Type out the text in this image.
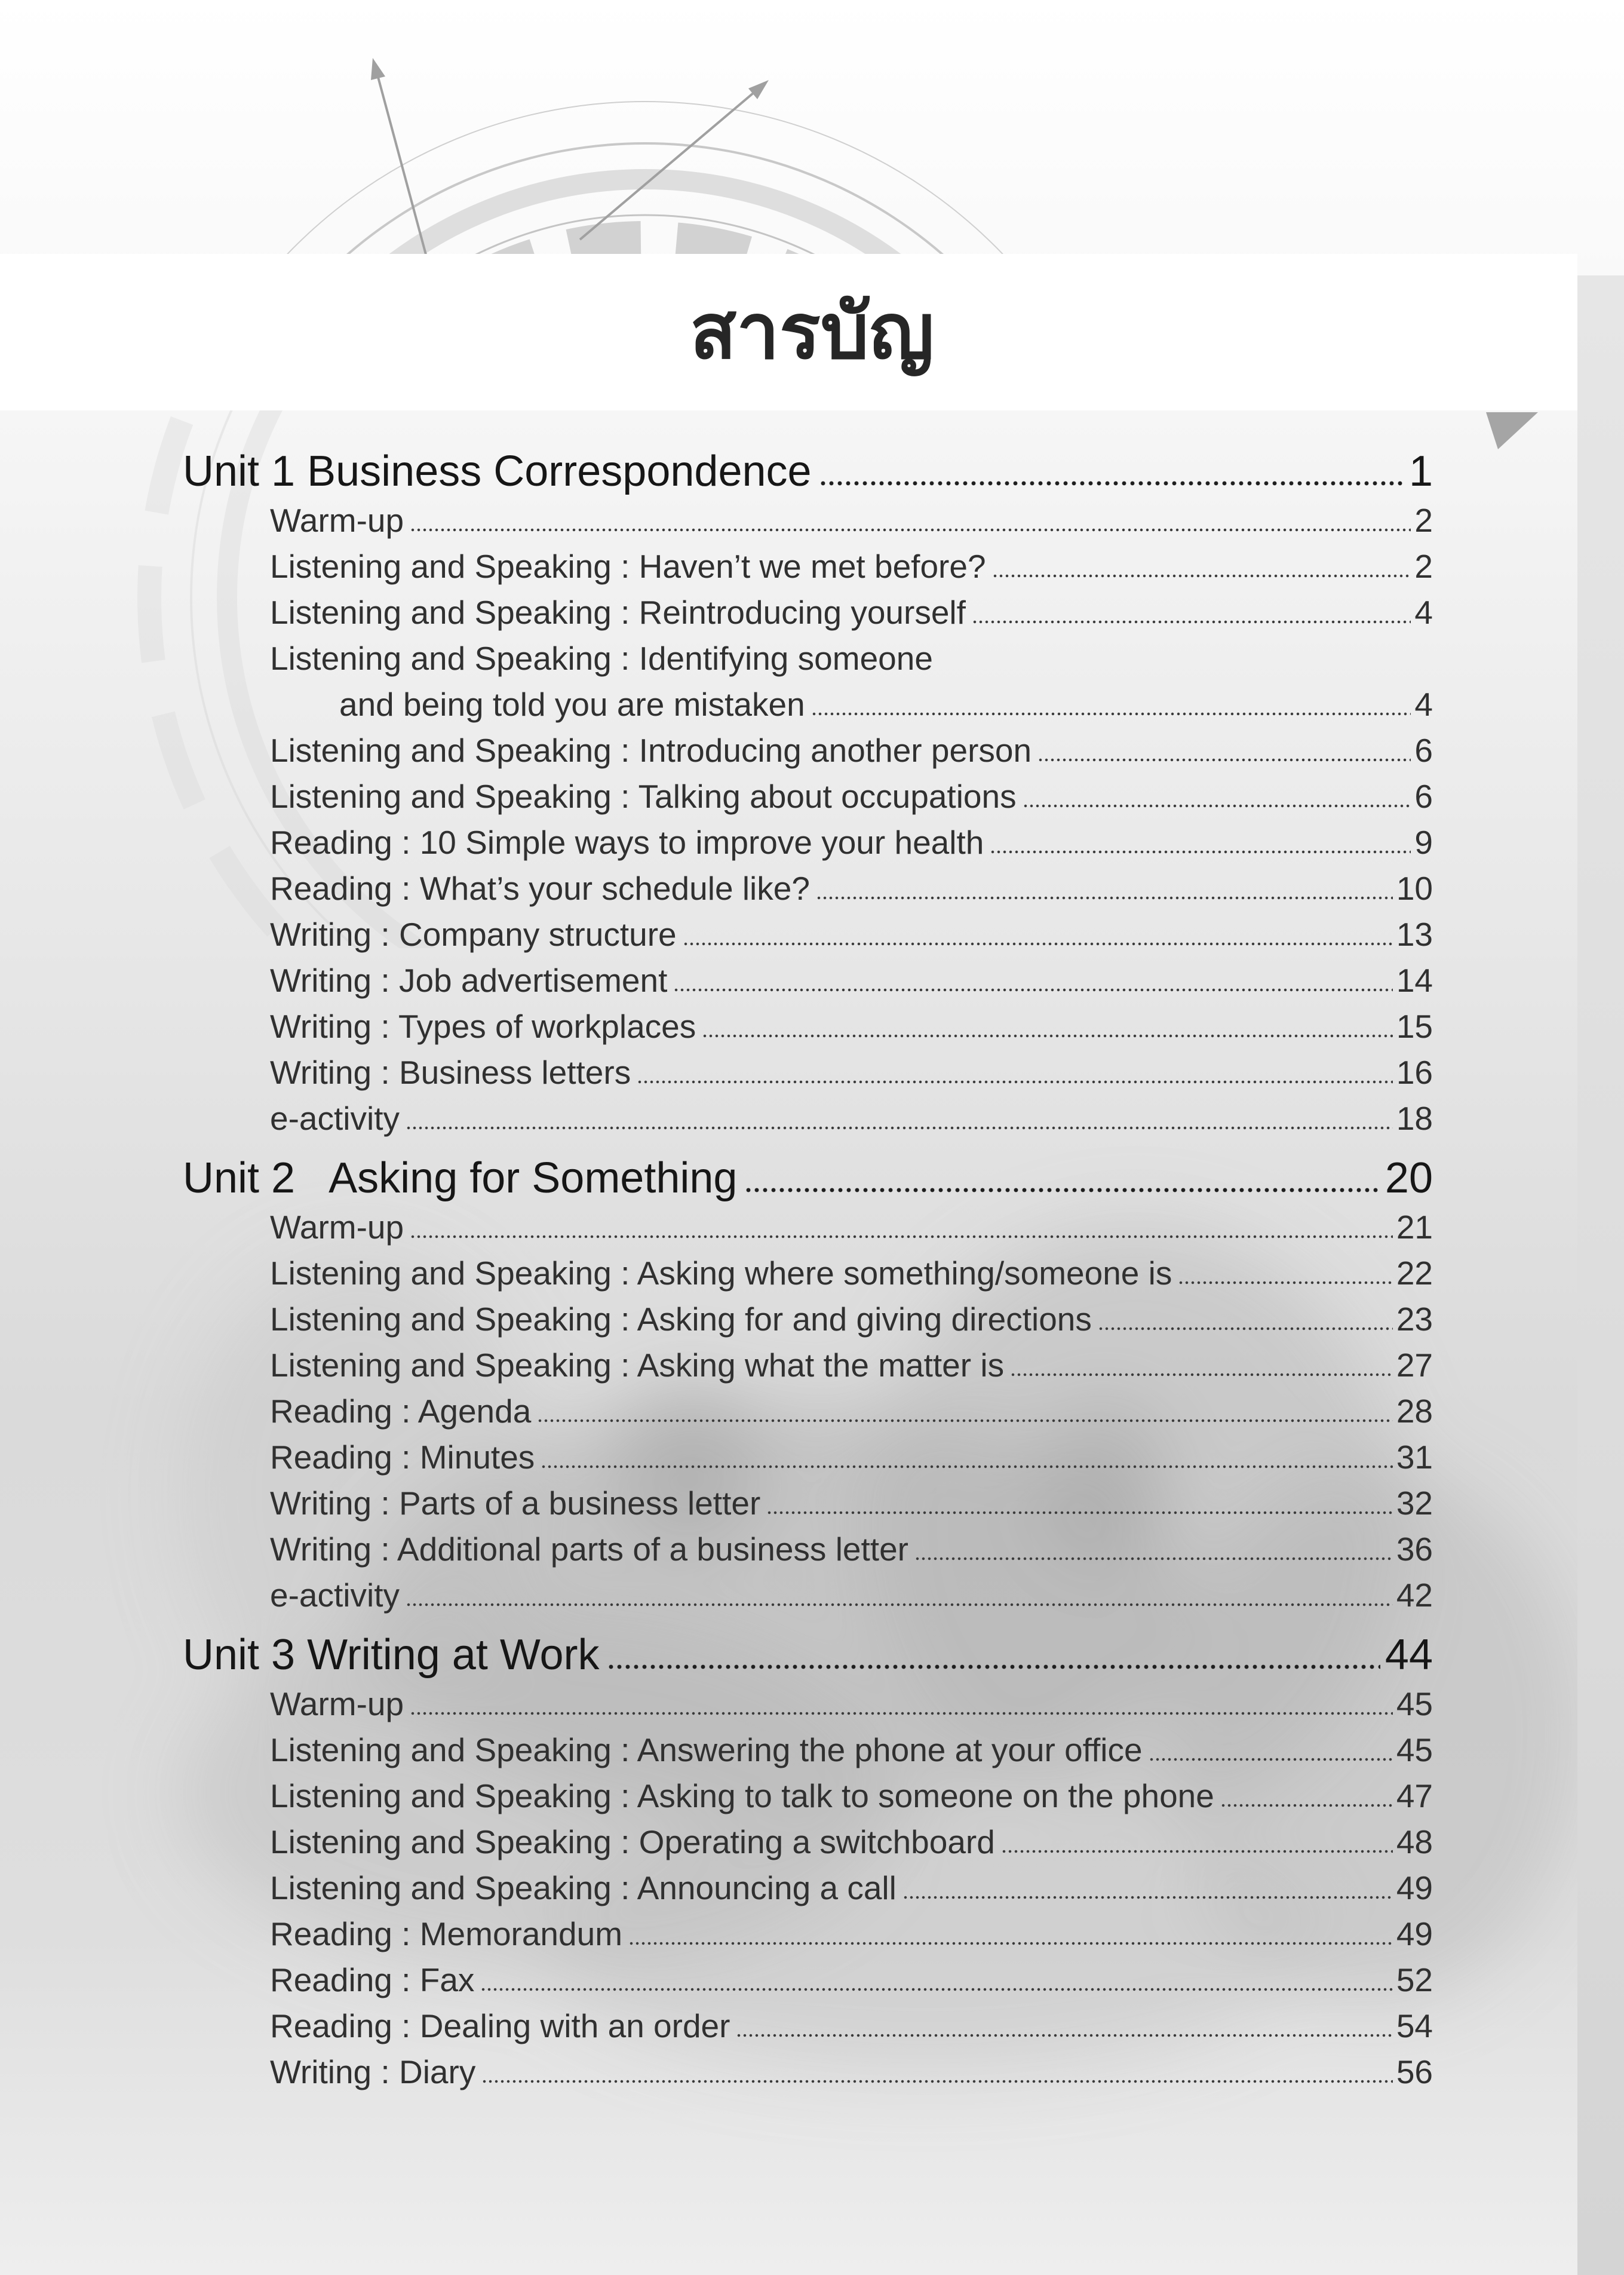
สารบัญ
Unit 1 Business Correspondence	1
Warm-up	2
Listening and Speaking : Haven’t we met before?	2
Listening and Speaking : Reintroducing yourself	4
Listening and Speaking : Identifying someone
and being told you are mistaken	4
Listening and Speaking : Introducing another person	6
Listening and Speaking : Talking about occupations	6
Reading : 10 Simple ways to improve your health	9
Reading : What’s your schedule like?	10
Writing : Company structure	13
Writing : Job advertisement	14
Writing : Types of workplaces	15
Writing : Business letters	16
e-activity	18
Unit 2   Asking for Something	20
Warm-up	21
Listening and Speaking : Asking where something/someone is	22
Listening and Speaking : Asking for and giving directions	23
Listening and Speaking : Asking what the matter is	27
Reading : Agenda	28
Reading : Minutes	31
Writing : Parts of a business letter	32
Writing : Additional parts of a business letter	36
e-activity	42
Unit 3 Writing at Work	44
Warm-up	45
Listening and Speaking : Answering the phone at your office	45
Listening and Speaking : Asking to talk to someone on the phone	47
Listening and Speaking : Operating a switchboard	48
Listening and Speaking : Announcing a call	49
Reading : Memorandum	49
Reading : Fax	52
Reading : Dealing with an order	54
Writing : Diary	56
